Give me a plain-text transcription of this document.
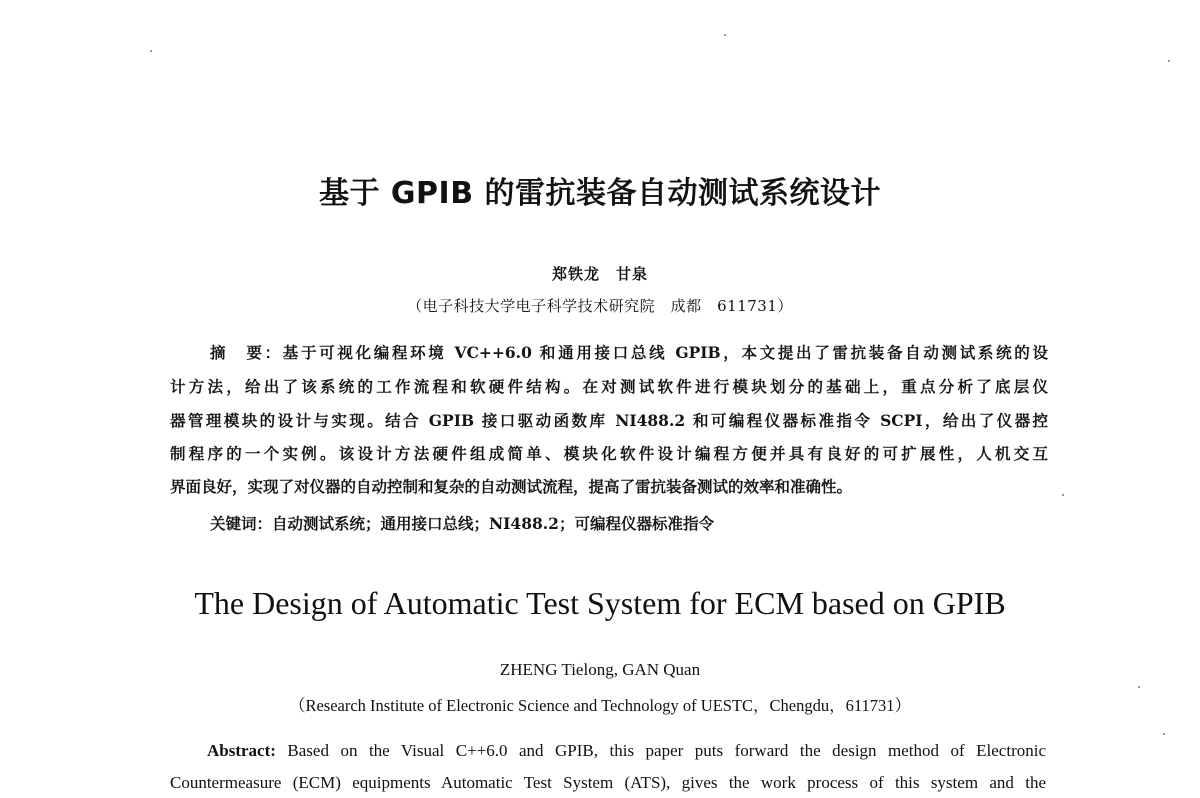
基于 GPIB 的雷抗装备自动测试系统设计
郑铁龙　甘泉
（电子科技大学电子科学技术研究院　成都　611731）
摘　要：基于可视化编程环境 VC++6.0 和通用接口总线 GPIB，本文提出了雷抗装备自动测试系统的设
计方法，给出了该系统的工作流程和软硬件结构。在对测试软件进行模块划分的基础上，重点分析了底层仪
器管理模块的设计与实现。结合 GPIB 接口驱动函数库 NI488.2 和可编程仪器标准指令 SCPI，给出了仪器控
制程序的一个实例。该设计方法硬件组成简单、模块化软件设计编程方便并具有良好的可扩展性，人机交互
界面良好，实现了对仪器的自动控制和复杂的自动测试流程，提高了雷抗装备测试的效率和准确性。
关键词：自动测试系统；通用接口总线；NI488.2；可编程仪器标准指令
The Design of Automatic Test System for ECM based on GPIB
ZHENG Tielong, GAN Quan
（Research Institute of Electronic Science and Technology of UESTC，Chengdu，611731）
Abstract: Based on the Visual C++6.0 and GPIB, this paper puts forward the design method of Electronic
Countermeasure (ECM) equipments Automatic Test System (ATS), gives the work process of this system and the
